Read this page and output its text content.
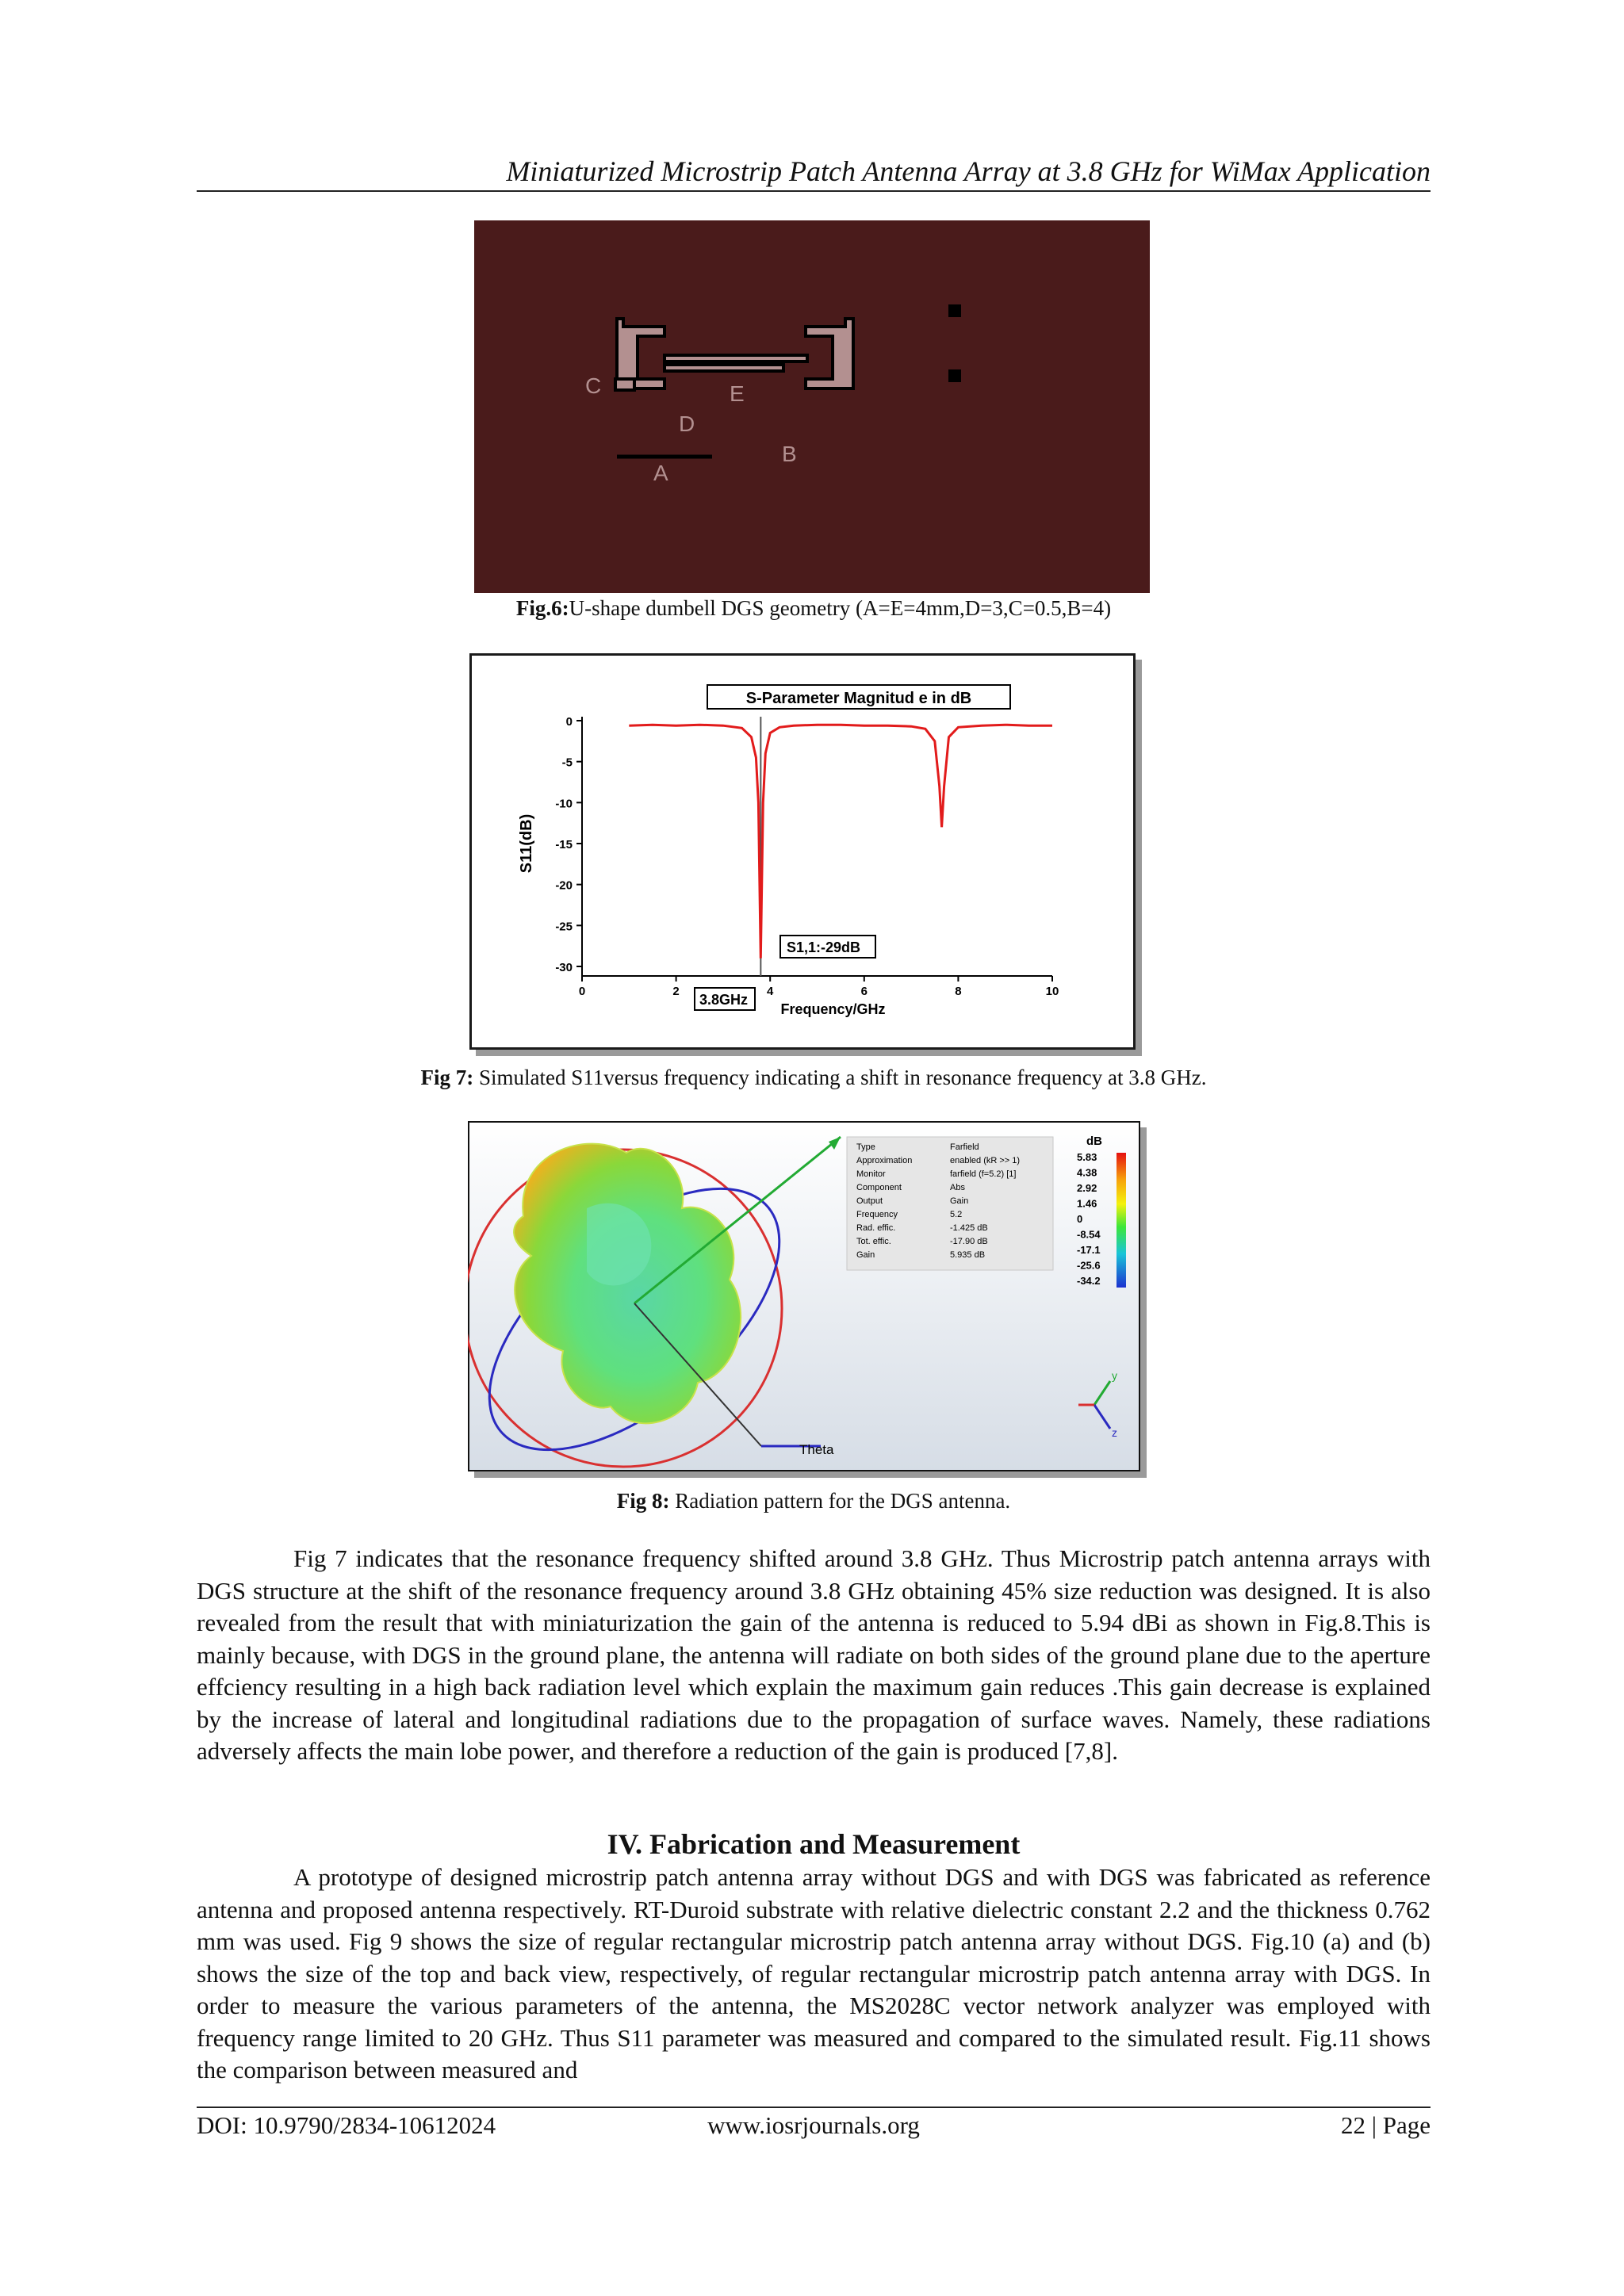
Miniaturized Microstrip Patch Antenna Array at 3.8 GHz for WiMax Application
C
D
E
B
A
Fig.6:U-shape dumbell DGS geometry (A=E=4mm,D=3,C=0.5,B=4)
S-Parameter Magnitud e in dB
0
-5
-10
-15
-20
-25
-30
0	2	4	6	8	10
S11(dB)
Frequency/GHz
S1,1:-29dB
3.8GHz
Fig 7: Simulated S11versus frequency indicating a shift in resonance frequency at 3.8 GHz.
Theta
Type	Farfield
Approximation	enabled (kR >> 1)
Monitor	farfield (f=5.2) [1]
Component	Abs
Output	Gain
Frequency	5.2
Rad. effic.	-1.425 dB
Tot. effic.	-17.90 dB
Gain	5.935 dB
dB
5.83
4.38
2.92
1.46
0
-8.54
-17.1
-25.6
-34.2
y
z
Fig 8: Radiation pattern for the DGS antenna.
Fig 7 indicates that the resonance frequency shifted around 3.8 GHz. Thus Microstrip patch antenna arrays with DGS structure at the shift of the resonance frequency around 3.8 GHz obtaining 45% size reduction was designed. It is also revealed from the result that with miniaturization the gain of the antenna is reduced to 5.94 dBi as shown in Fig.8.This is mainly because, with DGS in the ground plane, the antenna will radiate on both sides of the ground plane due to the aperture effciency resulting in a high back radiation level which explain the maximum gain reduces .This gain decrease is explained by the increase of lateral and longitudinal radiations due to the propagation of surface waves. Namely, these radiations adversely affects the main lobe power, and therefore a reduction of the gain is produced [7,8].
IV. Fabrication and Measurement
A prototype of designed microstrip patch antenna array without DGS and with DGS was fabricated as reference antenna and proposed antenna respectively. RT-Duroid substrate with relative dielectric constant 2.2 and the thickness 0.762 mm was used. Fig 9 shows the size of regular rectangular microstrip patch antenna array without DGS. Fig.10 (a) and (b) shows the size of the top and back view, respectively, of regular rectangular microstrip patch antenna array with DGS. In order to measure the various parameters of the antenna, the MS2028C vector network analyzer was employed with frequency range limited to 20 GHz. Thus S11 parameter was measured and compared to the simulated result. Fig.11 shows the comparison between measured and
DOI: 10.9790/2834-10612024	www.iosrjournals.org	22 | Page
